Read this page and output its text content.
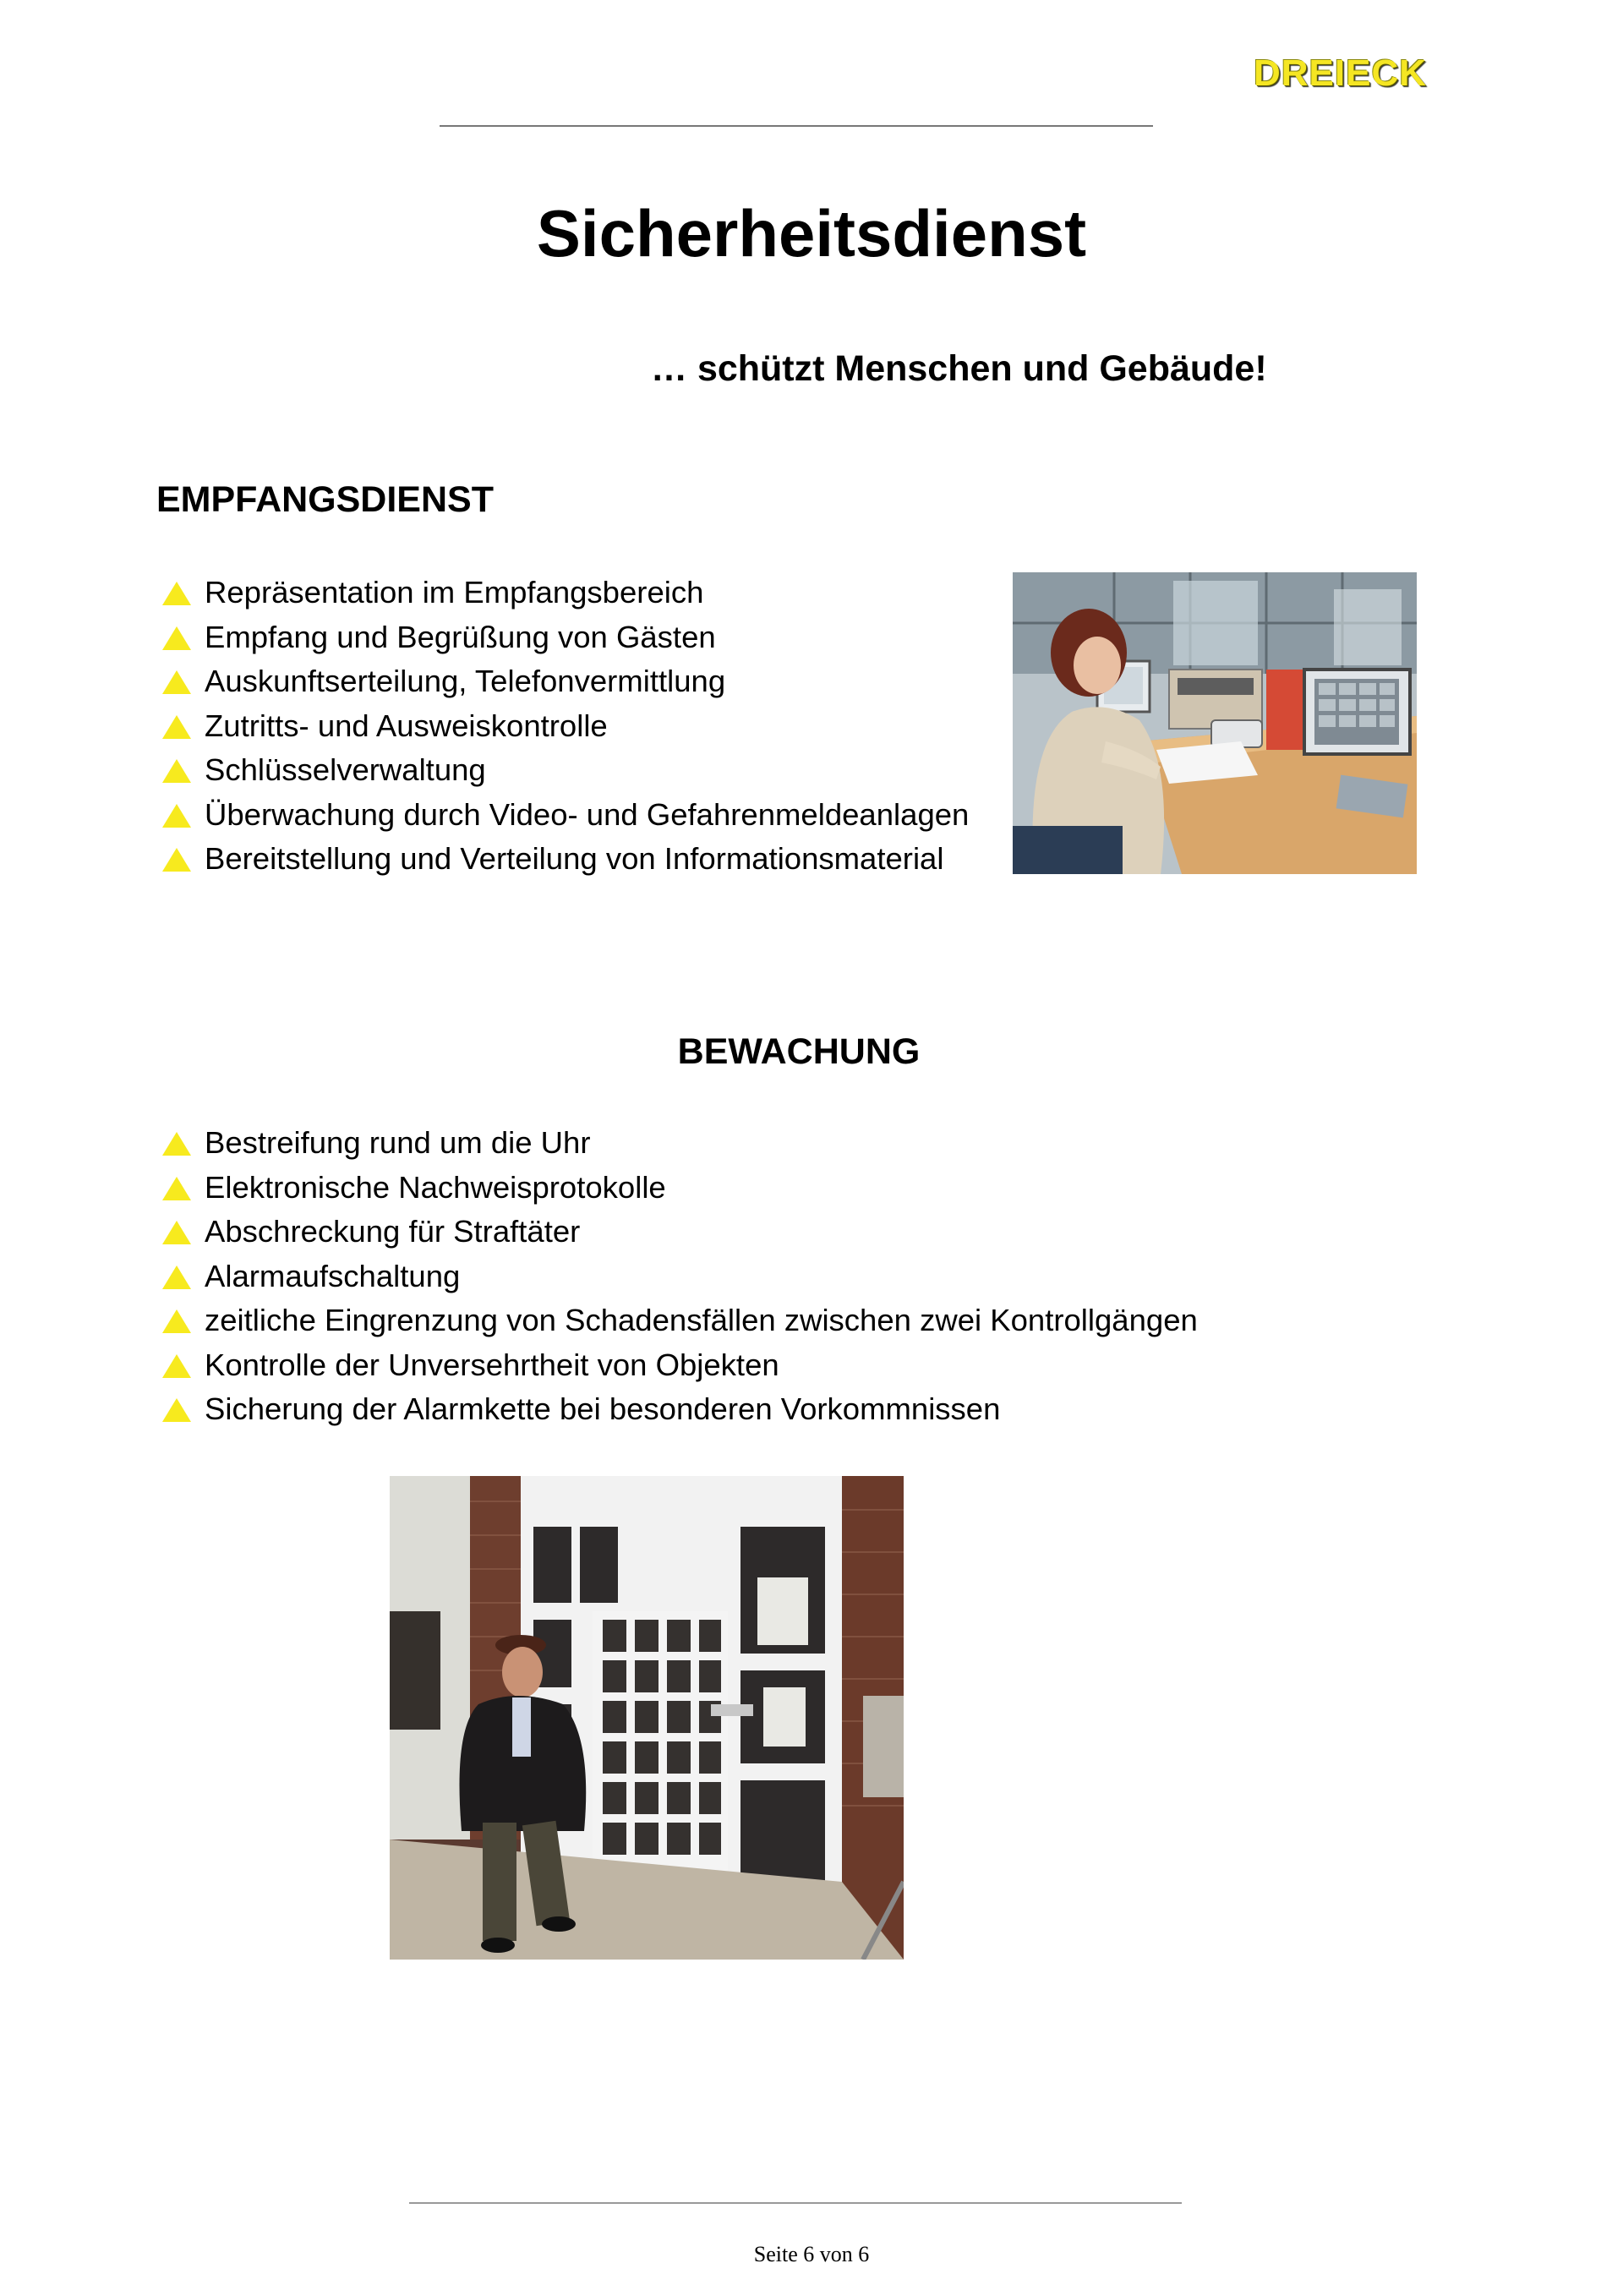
DREIECK
Sicherheitsdienst
… schützt Menschen und Gebäude!
EMPFANGSDIENST
Repräsentation im Empfangsbereich
Empfang und Begrüßung von Gästen
Auskunftserteilung, Telefonvermittlung
Zutritts- und Ausweiskontrolle
Schlüsselverwaltung
Überwachung durch Video- und Gefahrenmeldeanlagen
Bereitstellung und Verteilung von Informationsmaterial
BEWACHUNG
Bestreifung rund um die Uhr
Elektronische Nachweisprotokolle
Abschreckung für Straftäter
Alarmaufschaltung
zeitliche Eingrenzung von Schadensfällen zwischen zwei Kontrollgängen
Kontrolle der Unversehrtheit von Objekten
Sicherung der Alarmkette bei besonderen Vorkommnissen
Seite 6 von 6
